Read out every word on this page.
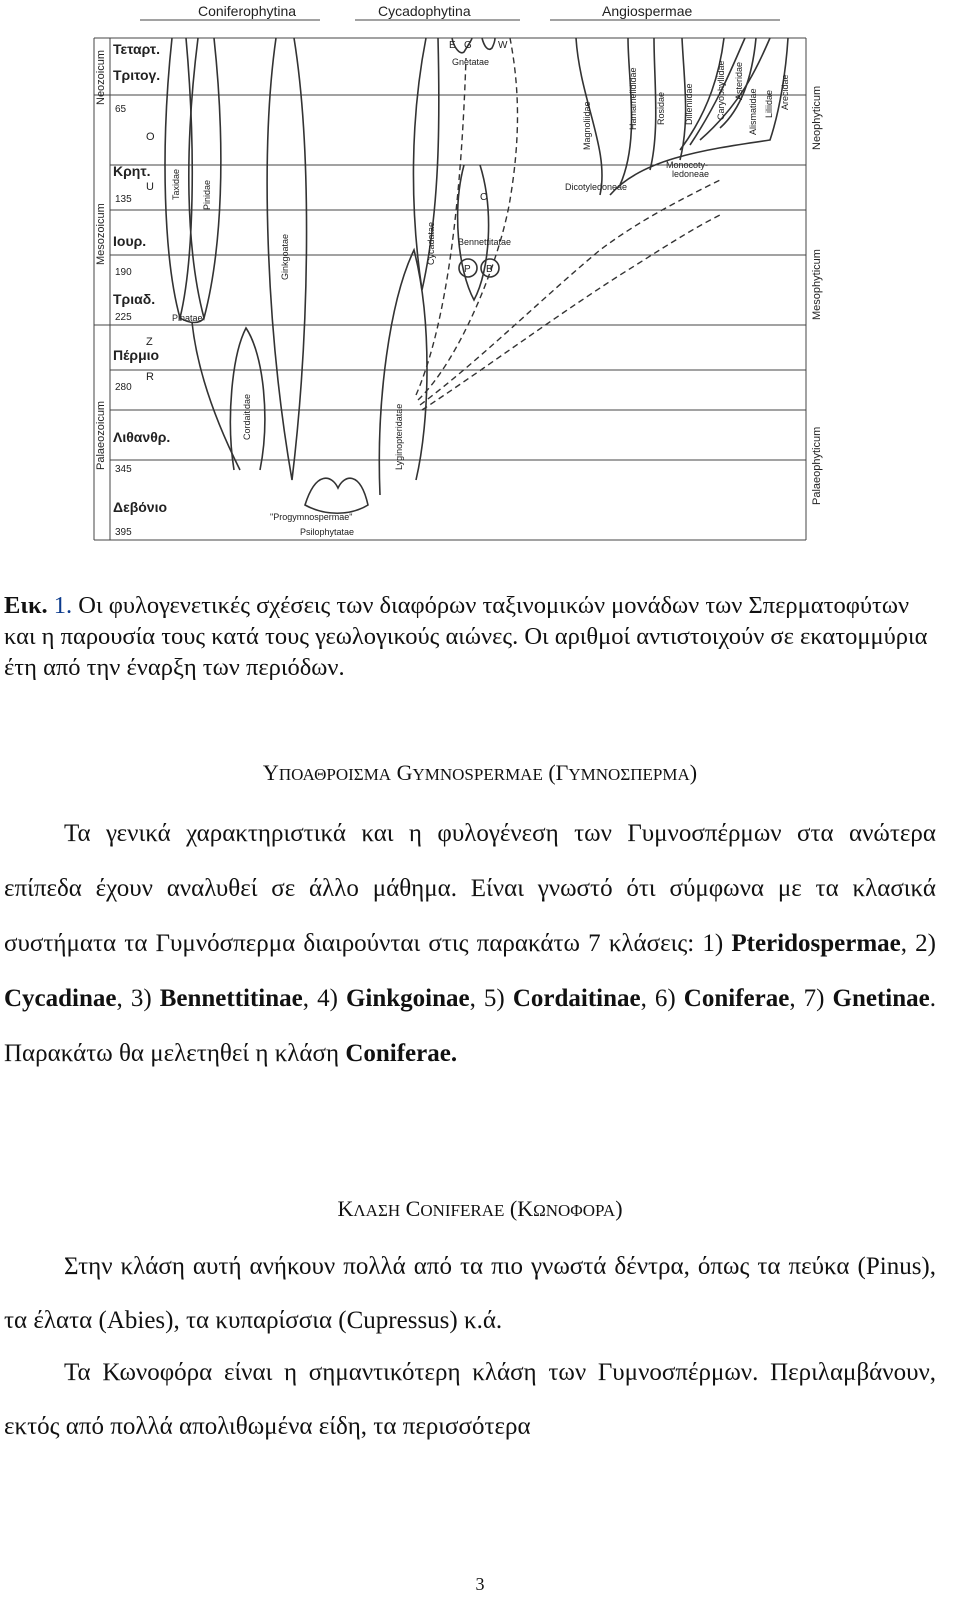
Coniferophytina	Cycadophytina	Angiospermae
Neozoicum
Mesozoicum
Palaeozoicum
Τεταρτ.
Τριτογ.
Κρητ.
Ιουρ.
Τριαδ.
Πέρμιο
Λιθανθρ.
Δεβόνιο
65
135
190
225
280
345
395
O
U
Z
R
Neophyticum
Mesophyticum
Palaeophyticum
Taxidae Pinidae
Pinatae
Ginkgoatae
Cordaitidae
"Progymnospermae"
Psilophytatae
Lyginopteridatae
Cycadatae Bennettitatae
Gnetatae
E G	W
P B
C
Magnoliidae	Hamamelididae Rosidae Dilleniidae Caryophyllidae Asteridae
Alismatidae Liliidae Arecidae
Dicotyledoneae
Monocoty-
ledoneae
Εικ. 1. Οι φυλογενετικές σχέσεις των διαφόρων ταξινομικών μονάδων των Σπερματοφύτων και η παρουσία τους κατά τους γεωλογικούς αιώνες. Οι αριθμοί αντιστοιχούν σε εκατομμύρια έτη από την έναρξη των περιόδων.
ΥΠΟΑΘΡΟΙΣΜΑ GYMNOSPERMAE (ΓΥΜΝΟΣΠΕΡΜΑ)
Τα γενικά χαρακτηριστικά και η φυλογένεση των Γυμνοσπέρμων στα ανώτερα επίπεδα έχουν αναλυθεί σε άλλο μάθημα. Είναι γνωστό ότι σύμφωνα με τα κλασικά συστήματα τα Γυμνόσπερμα διαιρούνται στις παρακάτω 7 κλάσεις: 1) Pteridospermae, 2) Cycadinae, 3) Bennettitinae, 4) Ginkgoinae, 5) Cordaitinae, 6) Coniferae, 7) Gnetinae. Παρακάτω θα μελετηθεί η κλάση Coniferae.
ΚΛΑΣΗ CONIFERAE (ΚΩΝΟΦΟΡΑ)
Στην κλάση αυτή ανήκουν πολλά από τα πιο γνωστά δέντρα, όπως τα πεύκα (Pinus), τα έλατα (Abies), τα κυπαρίσσια (Cupressus) κ.ά.
Τα Κωνοφόρα είναι η σημαντικότερη κλάση των Γυμνοσπέρμων. Περιλαμβάνουν, εκτός από πολλά απολιθωμένα είδη, τα περισσότερα
3
